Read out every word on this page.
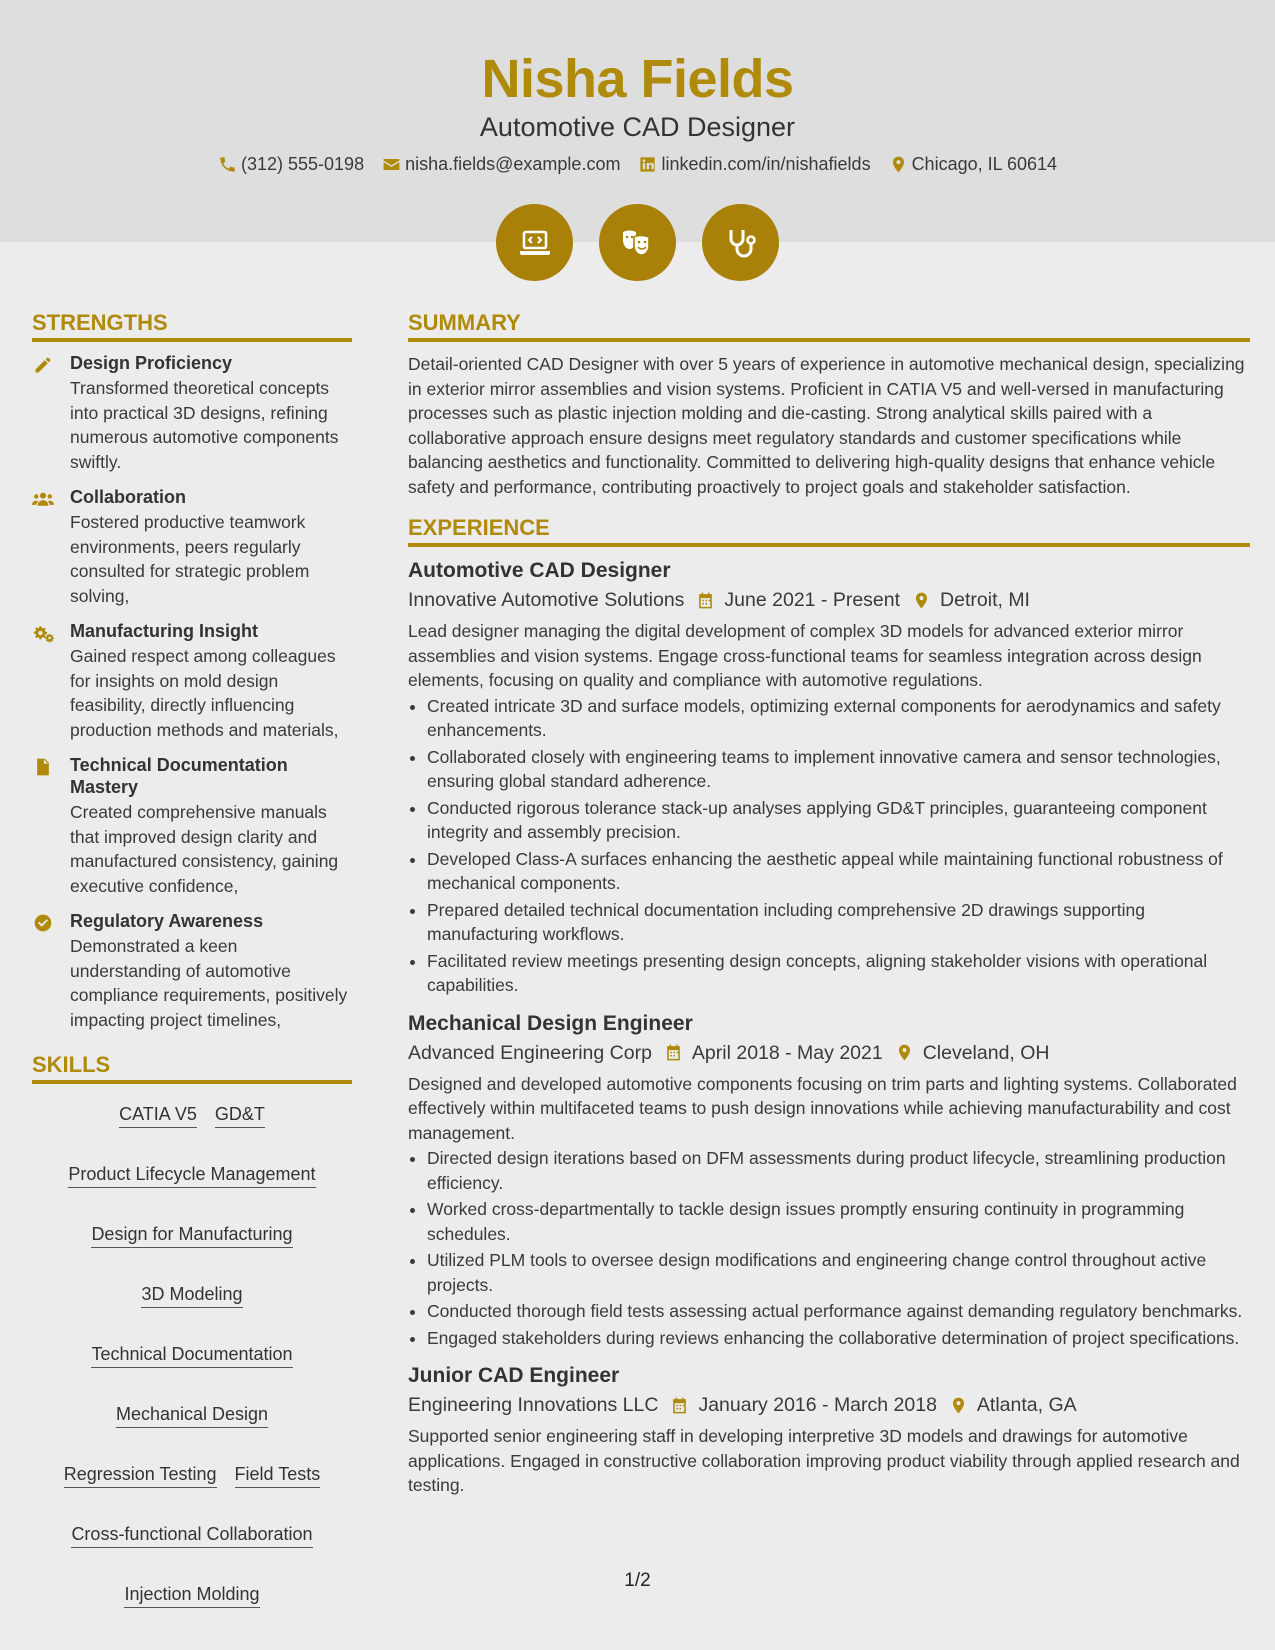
Nisha Fields
Automotive CAD Designer
(312) 555-0198 nisha.fields@example.com linkedin.com/in/nishafields Chicago, IL 60614
STRENGTHS
Design Proficiency
Transformed theoretical concepts into practical 3D designs, refining numerous automotive components swiftly.
Collaboration
Fostered productive teamwork environments, peers regularly consulted for strategic problem solving,
Manufacturing Insight
Gained respect among colleagues for insights on mold design feasibility, directly influencing production methods and materials,
Technical Documentation Mastery
Created comprehensive manuals that improved design clarity and manufactured consistency, gaining executive confidence,
Regulatory Awareness
Demonstrated a keen understanding of automotive compliance requirements, positively impacting project timelines,
SKILLS
CATIA V5 GD&T
Product Lifecycle Management
Design for Manufacturing
3D Modeling
Technical Documentation
Mechanical Design
Regression Testing Field Tests
Cross-functional Collaboration
Injection Molding
SUMMARY
Detail-oriented CAD Designer with over 5 years of experience in automotive mechanical design, specializing in exterior mirror assemblies and vision systems. Proficient in CATIA V5 and well-versed in manufacturing processes such as plastic injection molding and die-casting. Strong analytical skills paired with a collaborative approach ensure designs meet regulatory standards and customer specifications while balancing aesthetics and functionality. Committed to delivering high-quality designs that enhance vehicle safety and performance, contributing proactively to project goals and stakeholder satisfaction.
EXPERIENCE
Automotive CAD Designer
Innovative Automotive Solutions June 2021 - Present Detroit, MI
Lead designer managing the digital development of complex 3D models for advanced exterior mirror assemblies and vision systems. Engage cross-functional teams for seamless integration across design elements, focusing on quality and compliance with automotive regulations.
• Created intricate 3D and surface models, optimizing external components for aerodynamics and safety enhancements.
• Collaborated closely with engineering teams to implement innovative camera and sensor technologies, ensuring global standard adherence.
• Conducted rigorous tolerance stack-up analyses applying GD&T principles, guaranteeing component integrity and assembly precision.
• Developed Class-A surfaces enhancing the aesthetic appeal while maintaining functional robustness of mechanical components.
• Prepared detailed technical documentation including comprehensive 2D drawings supporting manufacturing workflows.
• Facilitated review meetings presenting design concepts, aligning stakeholder visions with operational capabilities.
Mechanical Design Engineer
Advanced Engineering Corp April 2018 - May 2021 Cleveland, OH
Designed and developed automotive components focusing on trim parts and lighting systems. Collaborated effectively within multifaceted teams to push design innovations while achieving manufacturability and cost management.
• Directed design iterations based on DFM assessments during product lifecycle, streamlining production efficiency.
• Worked cross-departmentally to tackle design issues promptly ensuring continuity in programming schedules.
• Utilized PLM tools to oversee design modifications and engineering change control throughout active projects.
• Conducted thorough field tests assessing actual performance against demanding regulatory benchmarks.
• Engaged stakeholders during reviews enhancing the collaborative determination of project specifications.
Junior CAD Engineer
Engineering Innovations LLC January 2016 - March 2018 Atlanta, GA
Supported senior engineering staff in developing interpretive 3D models and drawings for automotive applications. Engaged in constructive collaboration improving product viability through applied research and testing.
1/2
